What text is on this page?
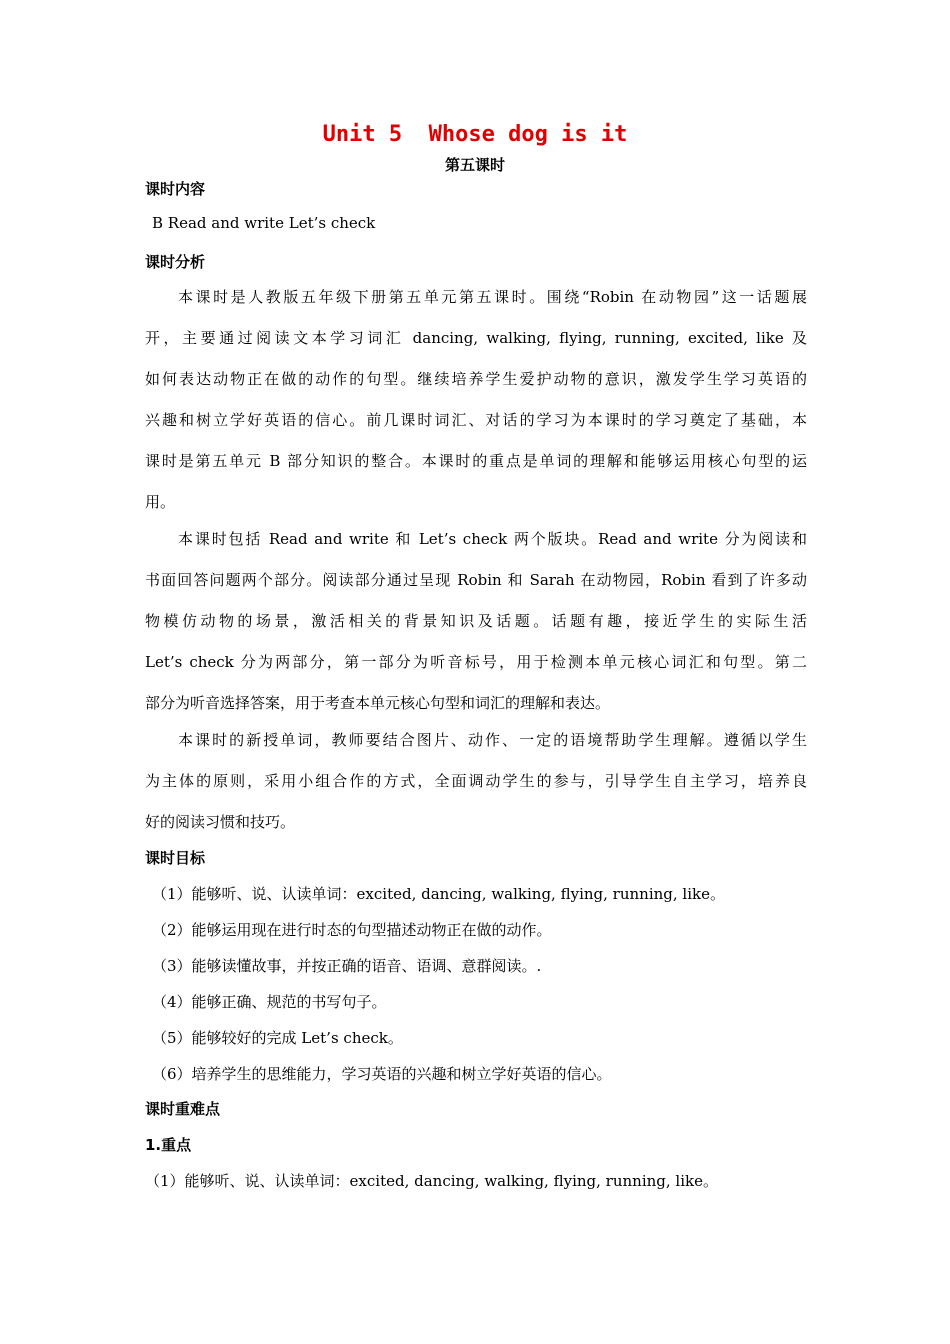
Unit 5  Whose dog is it
第五课时
课时内容
B Read and write Let’s check
课时分析
本课时是人教版五年级下册第五单元第五课时。围绕“Robin 在动物园”这一话题展
开，主要通过阅读文本学习词汇 dancing, walking, flying, running, excited, like 及
如何表达动物正在做的动作的句型。继续培养学生爱护动物的意识，激发学生学习英语的
兴趣和树立学好英语的信心。前几课时词汇、对话的学习为本课时的学习奠定了基础，本
课时是第五单元 B 部分知识的整合。本课时的重点是单词的理解和能够运用核心句型的运
用。
本课时包括 Read and write 和 Let’s check 两个版块。Read and write 分为阅读和
书面回答问题两个部分。阅读部分通过呈现 Robin 和 Sarah 在动物园，Robin 看到了许多动
物模仿动物的场景，激活相关的背景知识及话题。话题有趣，接近学生的实际生活
Let’s check 分为两部分，第一部分为听音标号，用于检测本单元核心词汇和句型。第二
部分为听音选择答案，用于考查本单元核心句型和词汇的理解和表达。
本课时的新授单词，教师要结合图片、动作、一定的语境帮助学生理解。遵循以学生
为主体的原则，采用小组合作的方式，全面调动学生的参与，引导学生自主学习，培养良
好的阅读习惯和技巧。
课时目标
（1）能够听、说、认读单词：excited, dancing, walking, flying, running, like。
（2）能够运用现在进行时态的句型描述动物正在做的动作。
（3）能够读懂故事，并按正确的语音、语调、意群阅读。.
（4）能够正确、规范的书写句子。
（5）能够较好的完成 Let’s check。
（6）培养学生的思维能力，学习英语的兴趣和树立学好英语的信心。
课时重难点
1.重点
（1）能够听、说、认读单词：excited, dancing, walking, flying, running, like。
